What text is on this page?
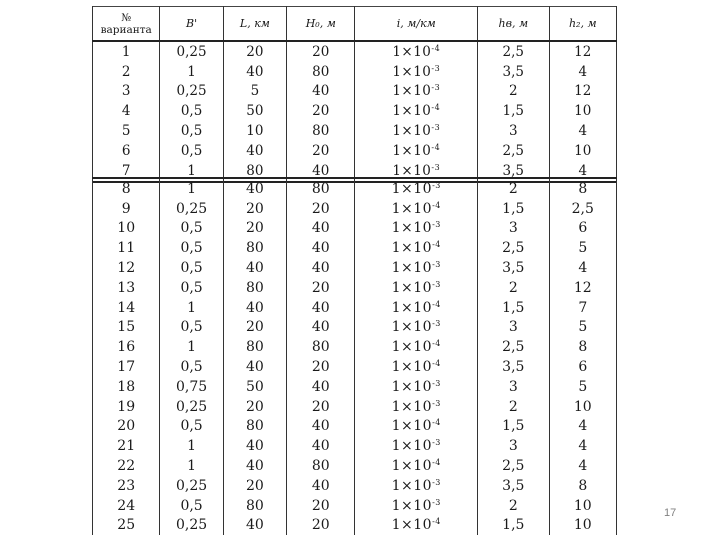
№
варианта	B'	L, км	H₀, м	i, м/км	hв, м	h₂, м
1	0,25	20	20	$1\times 10^{-4}$	2,5	12
2	1	40	80	$1\times 10^{-3}$	3,5	4
3	0,25	5	40	$1\times 10^{-3}$	2	12
4	0,5	50	20	$1\times 10^{-4}$	1,5	10
5	0,5	10	80	$1\times 10^{-3}$	3	4
6	0,5	40	20	$1\times 10^{-4}$	2,5	10
7	1	80	40	$1\times 10^{-3}$	3,5	4
8	1	40	80	$1\times 10^{-3}$	2	8
9	0,25	20	20	$1\times 10^{-4}$	1,5	2,5
10	0,5	20	40	$1\times 10^{-3}$	3	6
11	0,5	80	40	$1\times 10^{-4}$	2,5	5
12	0,5	40	40	$1\times 10^{-3}$	3,5	4
13	0,5	80	20	$1\times 10^{-3}$	2	12
14	1	40	40	$1\times 10^{-4}$	1,5	7
15	0,5	20	40	$1\times 10^{-3}$	3	5
16	1	80	80	$1\times 10^{-4}$	2,5	8
17	0,5	40	20	$1\times 10^{-4}$	3,5	6
18	0,75	50	40	$1\times 10^{-3}$	3	5
19	0,25	20	20	$1\times 10^{-3}$	2	10
20	0,5	80	40	$1\times 10^{-4}$	1,5	4
21	1	40	40	$1\times 10^{-3}$	3	4
22	1	40	80	$1\times 10^{-4}$	2,5	4
23	0,25	20	40	$1\times 10^{-3}$	3,5	8
24	0,5	80	20	$1\times 10^{-3}$	2	10
25	0,25	40	20	$1\times 10^{-4}$	1,5	10
17
